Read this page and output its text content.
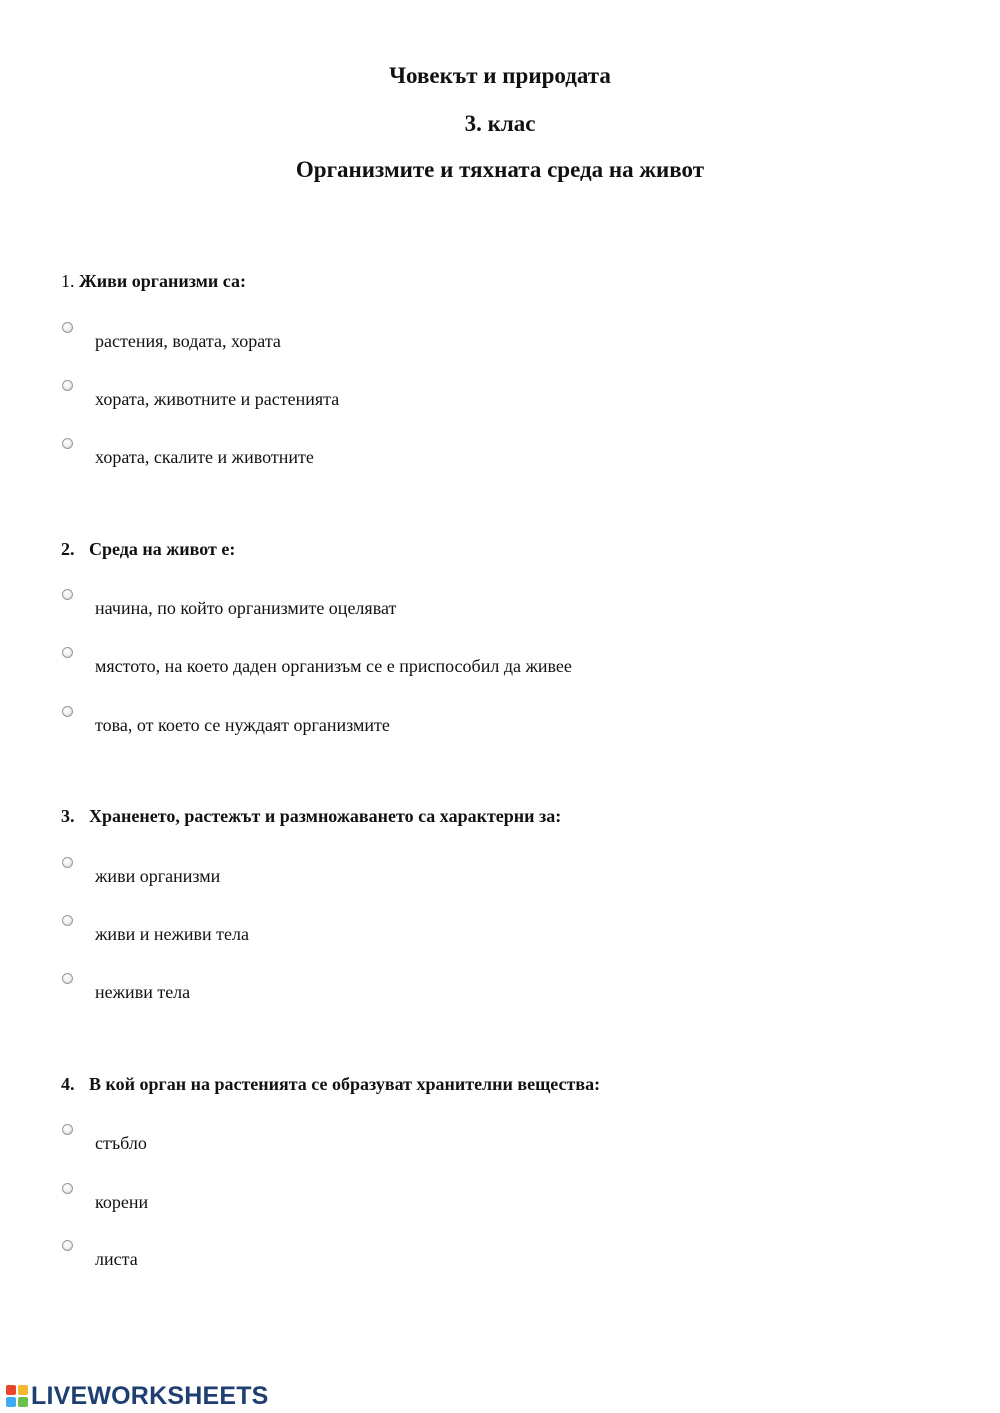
Човекът и природата
3. клас
Организмите и тяхната среда на живот
1. Живи организми са:
растения, водата, хората
хората, животните и растенията
хората, скалите и животните
2. Среда на живот е:
начина, по който организмите оцеляват
мястото, на което даден организъм се е приспособил да живее
това, от което се нуждаят организмите
3. Храненето, растежът и размножаването са характерни за:
живи организми
живи и неживи тела
неживи тела
4. В кой орган на растенията се образуват хранителни вещества:
стъбло
корени
листа
LIVEWORKSHEETS
